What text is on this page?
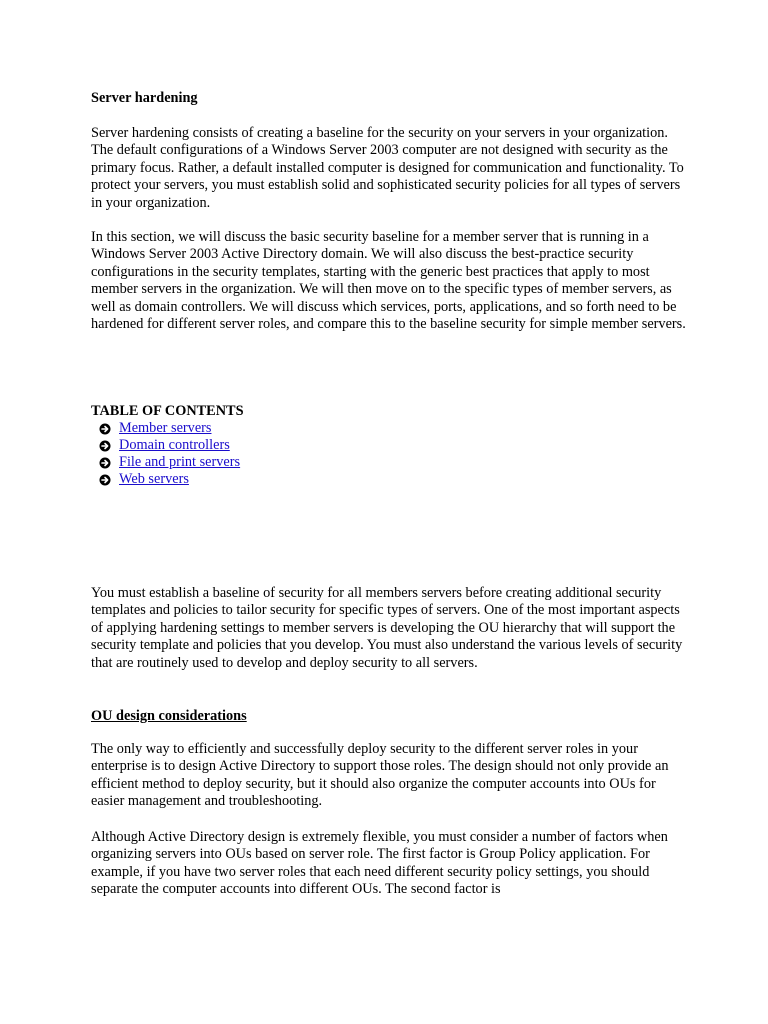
Server hardening

Server hardening consists of creating a baseline for the security on your servers in your organization. The default configurations of a Windows Server 2003 computer are not designed with security as the primary focus. Rather, a default installed computer is designed for communication and functionality. To protect your servers, you must establish solid and sophisticated security policies for all types of servers in your organization.

In this section, we will discuss the basic security baseline for a member server that is running in a Windows Server 2003 Active Directory domain. We will also discuss the best-practice security configurations in the security templates, starting with the generic best practices that apply to most member servers in the organization. We will then move on to the specific types of member servers, as well as domain controllers. We will discuss which services, ports, applications, and so forth need to be hardened for different server roles, and compare this to the baseline security for simple member servers.

TABLE OF CONTENTS

Member servers
Domain controllers
File and print servers
Web servers

You must establish a baseline of security for all members servers before creating additional security templates and policies to tailor security for specific types of servers. One of the most important aspects of applying hardening settings to member servers is developing the OU hierarchy that will support the security template and policies that you develop. You must also understand the various levels of security that are routinely used to develop and deploy security to all servers.

OU design considerations

The only way to efficiently and successfully deploy security to the different server roles in your enterprise is to design Active Directory to support those roles. The design should not only provide an efficient method to deploy security, but it should also organize the computer accounts into OUs for easier management and troubleshooting.

Although Active Directory design is extremely flexible, you must consider a number of factors when organizing servers into OUs based on server role. The first factor is Group Policy application. For example, if you have two server roles that each need different security policy settings, you should separate the computer accounts into different OUs. The second factor is
